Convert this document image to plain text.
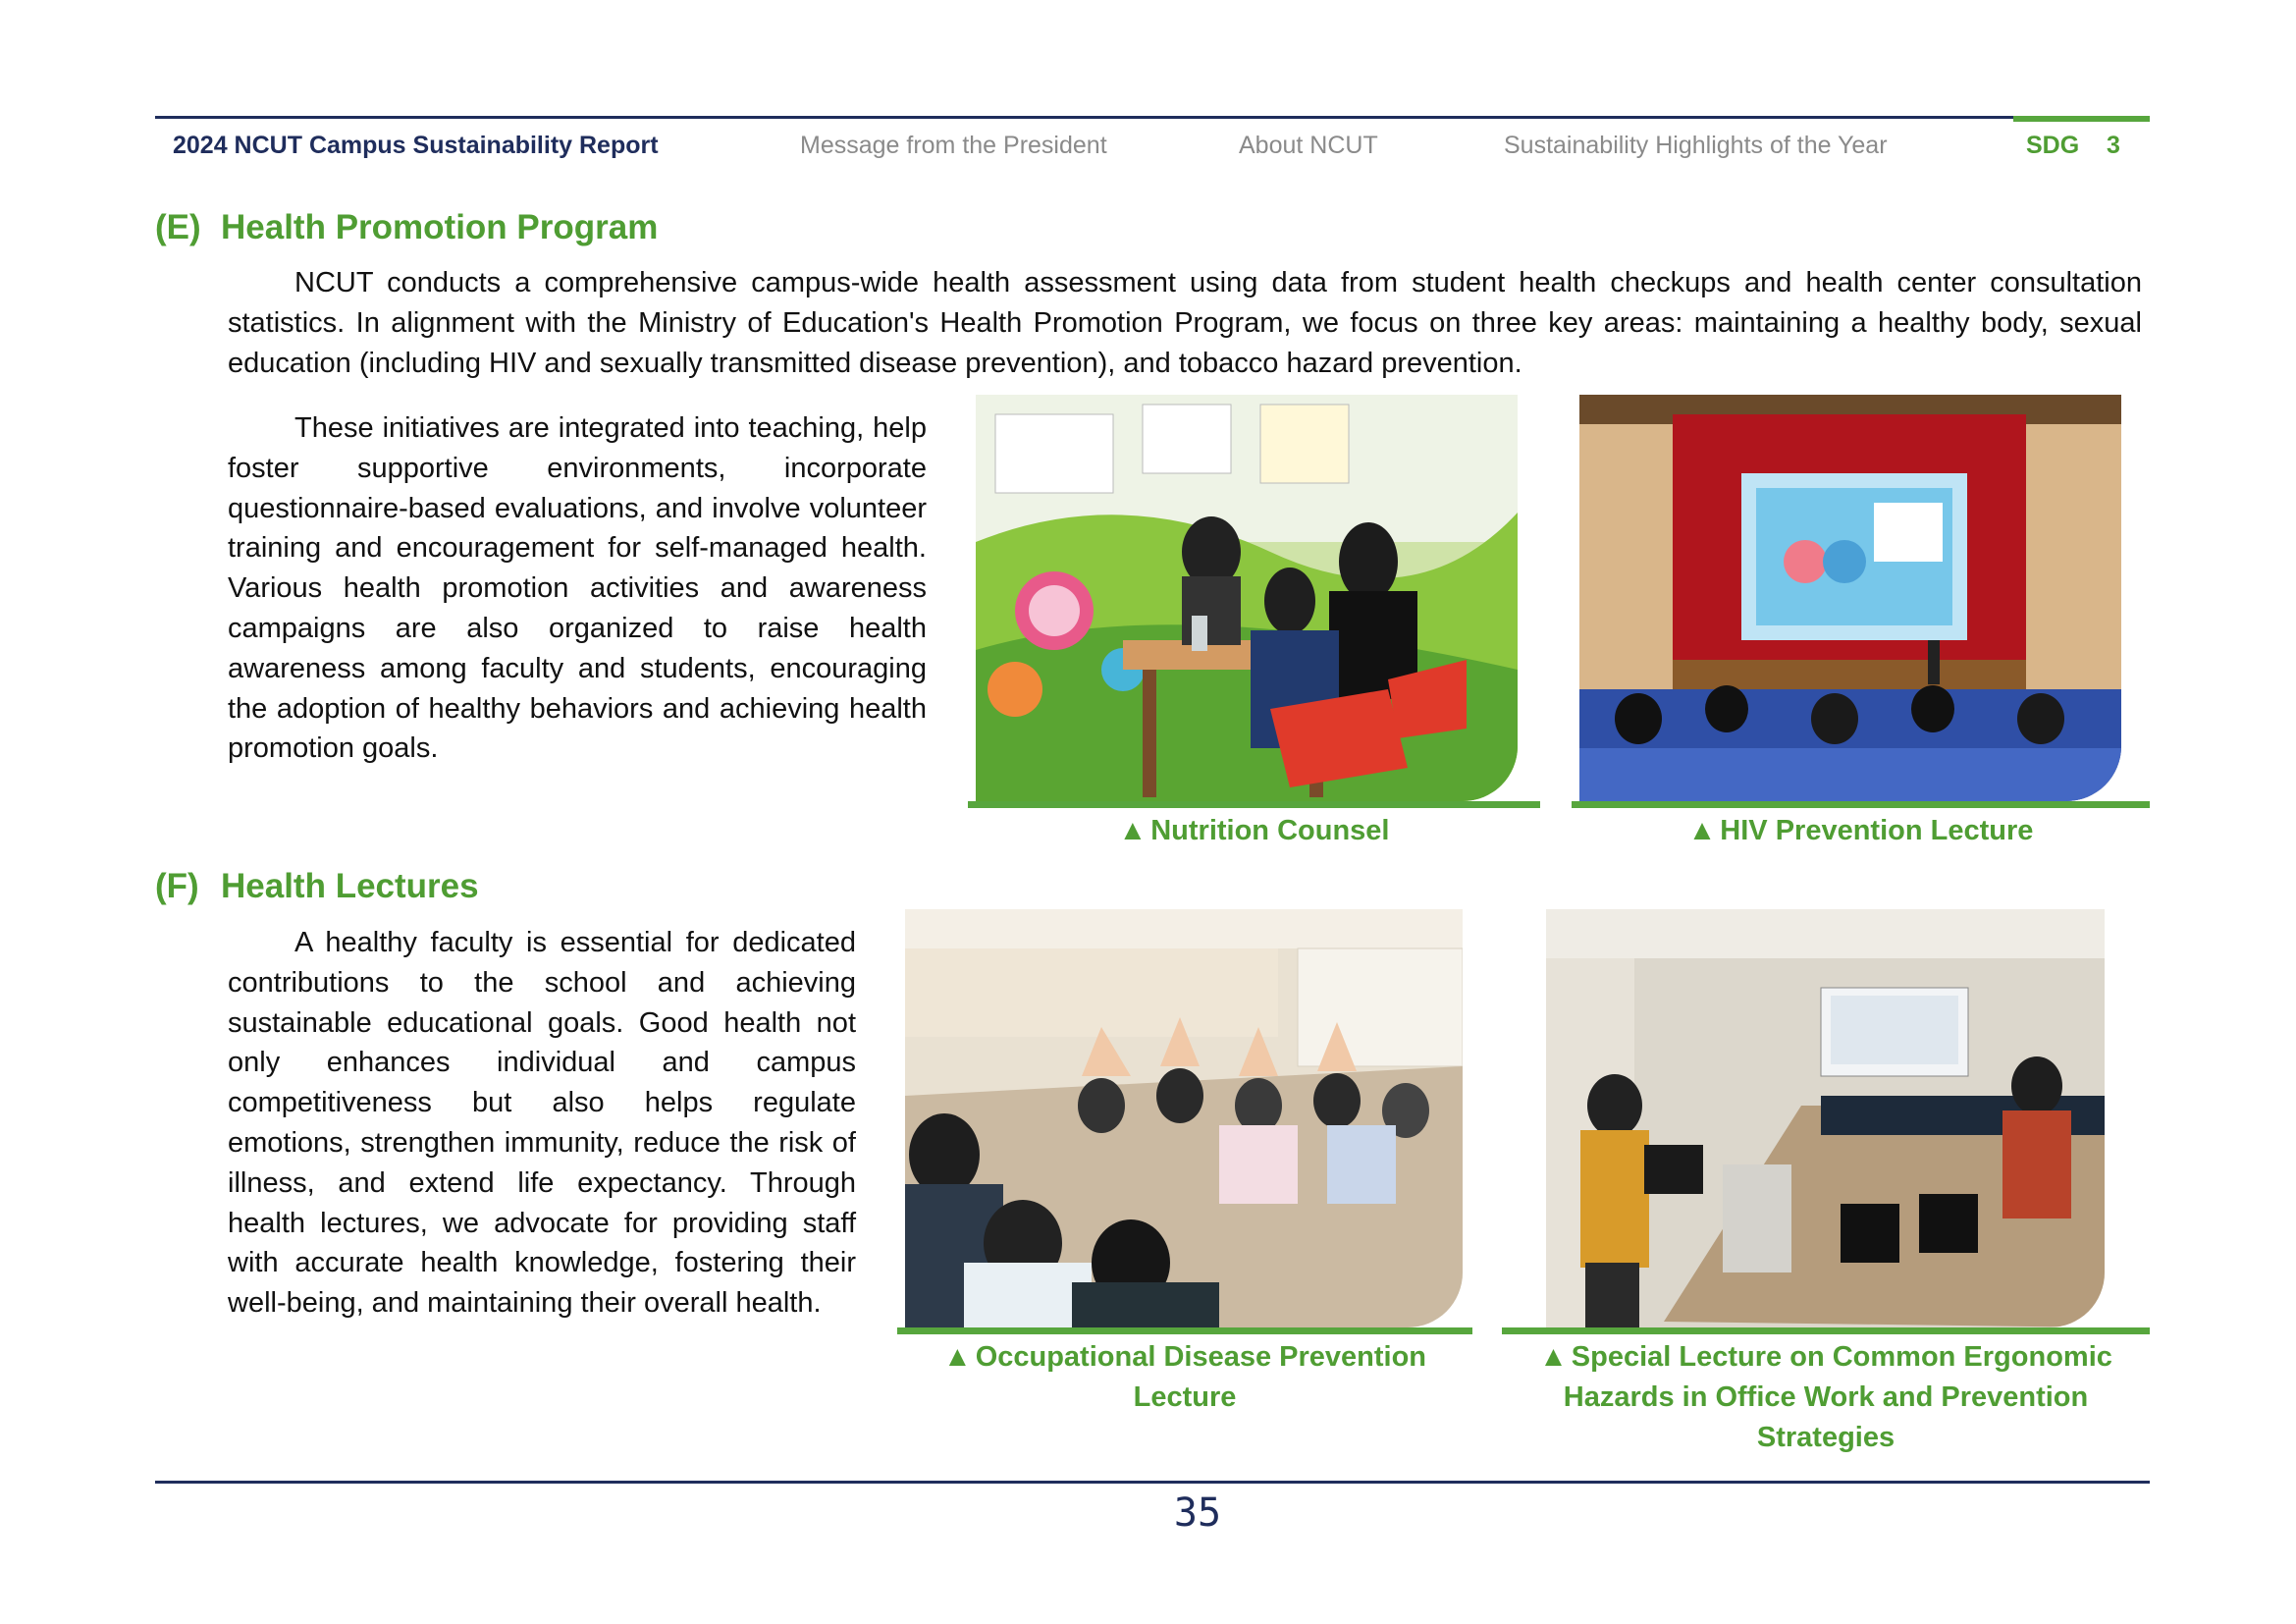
2024 NCUT Campus Sustainability Report	Message from the President	About NCUT	Sustainability Highlights of the Year	SDG 3
(E) Health Promotion Program
NCUT conducts a comprehensive campus-wide health assessment using data from student health checkups and health center consultation statistics. In alignment with the Ministry of Education's Health Promotion Program, we focus on three key areas: maintaining a healthy body, sexual education (including HIV and sexually transmitted disease prevention), and tobacco hazard prevention.
These initiatives are integrated into teaching, help foster supportive environments, incorporate questionnaire-based evaluations, and involve volunteer training and encouragement for self-managed health. Various health promotion activities and awareness campaigns are also organized to raise health awareness among faculty and students, encouraging the adoption of healthy behaviors and achieving health promotion goals.
▲ Nutrition Counsel	▲ HIV Prevention Lecture
(F) Health Lectures
A healthy faculty is essential for dedicated contributions to the school and achieving sustainable educational goals. Good health not only enhances individual and campus competitiveness but also helps regulate emotions, strengthen immunity, reduce the risk of illness, and extend life expectancy. Through health lectures, we advocate for providing staff with accurate health knowledge, fostering their well-being, and maintaining their overall health.
▲ Occupational Disease Prevention
Lecture
▲ Special Lecture on Common Ergonomic
Hazards in Office Work and Prevention
Strategies
35
